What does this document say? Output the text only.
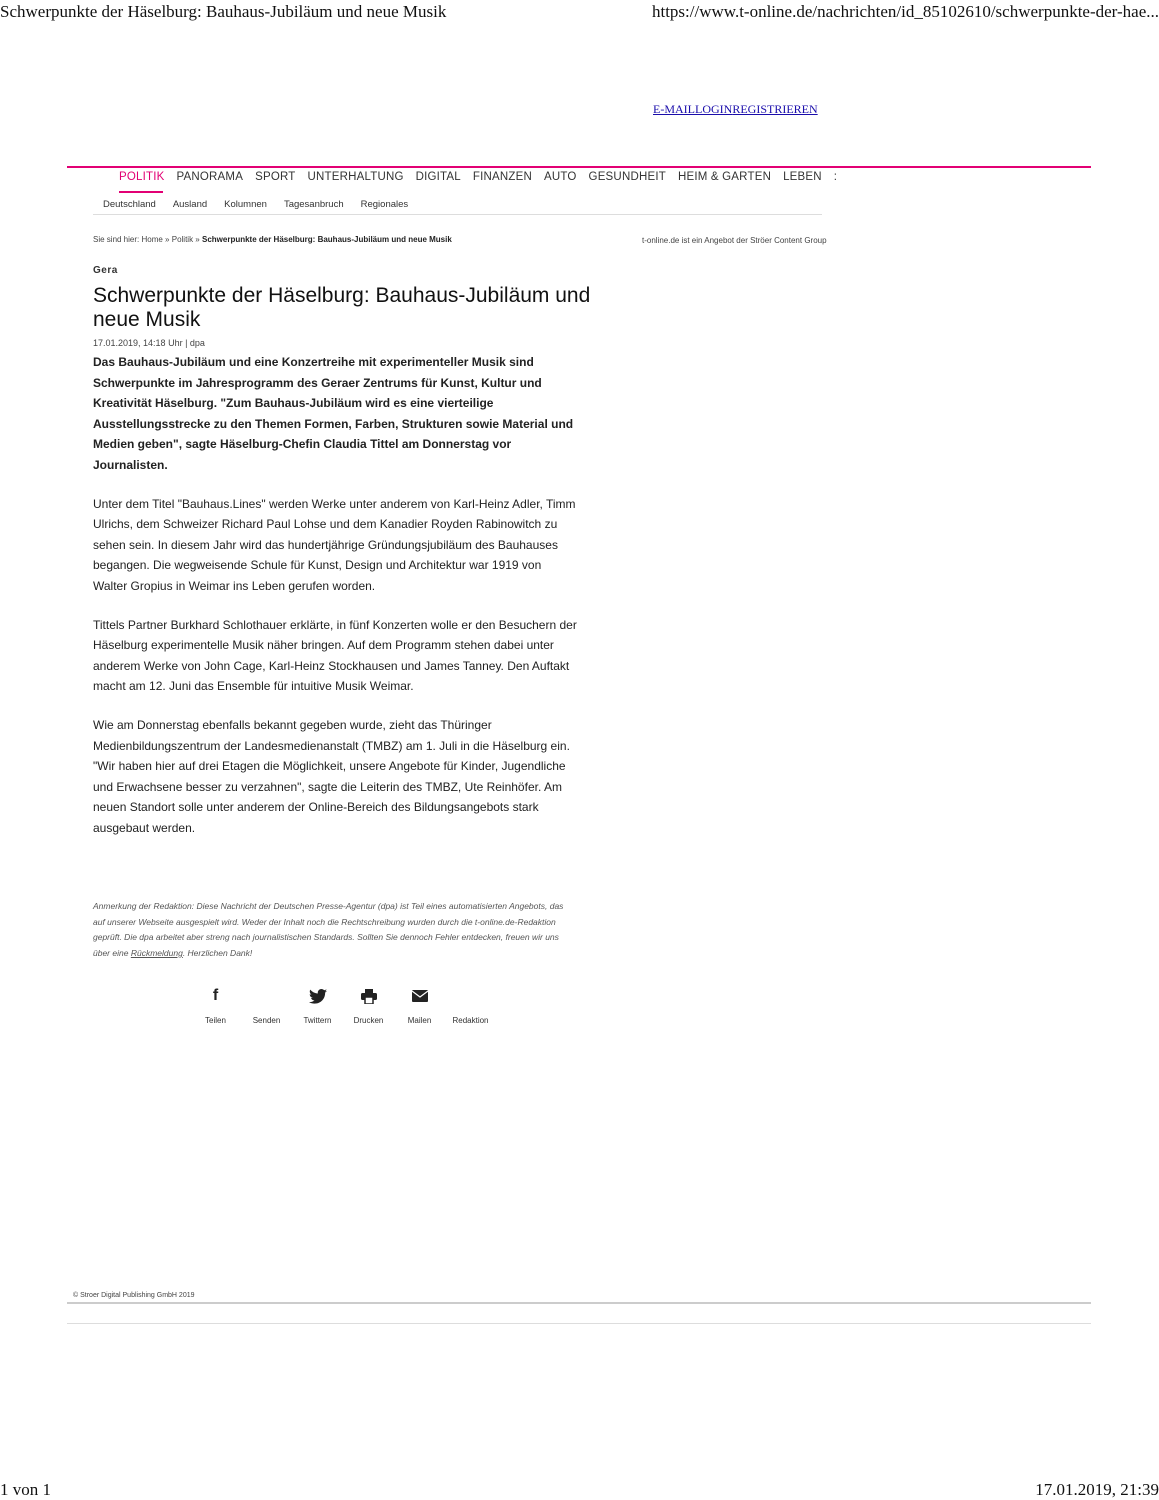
Schwerpunkte der Häselburg: Bauhaus-Jubiläum und neue Musik	https://www.t-online.de/nachrichten/id_85102610/schwerpunkte-der-hae...
E-MAILLOGINREGISTRIEREN
POLITIK PANORAMA SPORT UNTERHALTUNG DIGITAL FINANZEN AUTO GESUNDHEIT HEIM & GARTEN LEBEN :
Deutschland Ausland Kolumnen Tagesanbruch Regionales
Sie sind hier: Home » Politik » Schwerpunkte der Häselburg: Bauhaus-Jubiläum und neue Musik	t-online.de ist ein Angebot der Ströer Content Group
Gera
Schwerpunkte der Häselburg: Bauhaus-Jubiläum und neue Musik
17.01.2019, 14:18 Uhr | dpa

Das Bauhaus-Jubiläum und eine Konzertreihe mit experimenteller Musik sind Schwerpunkte im Jahresprogramm des Geraer Zentrums für Kunst, Kultur und Kreativität Häselburg. "Zum Bauhaus-Jubiläum wird es eine vierteilige Ausstellungsstrecke zu den Themen Formen, Farben, Strukturen sowie Material und Medien geben", sagte Häselburg-Chefin Claudia Tittel am Donnerstag vor Journalisten.

Unter dem Titel "Bauhaus.Lines" werden Werke unter anderem von Karl-Heinz Adler, Timm Ulrichs, dem Schweizer Richard Paul Lohse und dem Kanadier Royden Rabinowitch zu sehen sein. In diesem Jahr wird das hundertjährige Gründungsjubiläum des Bauhauses begangen. Die wegweisende Schule für Kunst, Design und Architektur war 1919 von Walter Gropius in Weimar ins Leben gerufen worden.

Tittels Partner Burkhard Schlothauer erklärte, in fünf Konzerten wolle er den Besuchern der Häselburg experimentelle Musik näher bringen. Auf dem Programm stehen dabei unter anderem Werke von John Cage, Karl-Heinz Stockhausen und James Tanney. Den Auftakt macht am 12. Juni das Ensemble für intuitive Musik Weimar.

Wie am Donnerstag ebenfalls bekannt gegeben wurde, zieht das Thüringer Medienbildungszentrum der Landesmedienanstalt (TMBZ) am 1. Juli in die Häselburg ein. "Wir haben hier auf drei Etagen die Möglichkeit, unsere Angebote für Kinder, Jugendliche und Erwachsene besser zu verzahnen", sagte die Leiterin des TMBZ, Ute Reinhöfer. Am neuen Standort solle unter anderem der Online-Bereich des Bildungsangebots stark ausgebaut werden.

Anmerkung der Redaktion: Diese Nachricht der Deutschen Presse-Agentur (dpa) ist Teil eines automatisierten Angebots, das auf unserer Webseite ausgespielt wird. Weder der Inhalt noch die Rechtschreibung wurden durch die t-online.de-Redaktion geprüft. Die dpa arbeitet aber streng nach journalistischen Standards. Sollten Sie dennoch Fehler entdecken, freuen wir uns über eine Rückmeldung. Herzlichen Dank!
f
Teilen	Senden	Twittern	Drucken	Mailen	Redaktion
© Stroer Digital Publishing GmbH 2019
1 von 1	17.01.2019, 21:39
